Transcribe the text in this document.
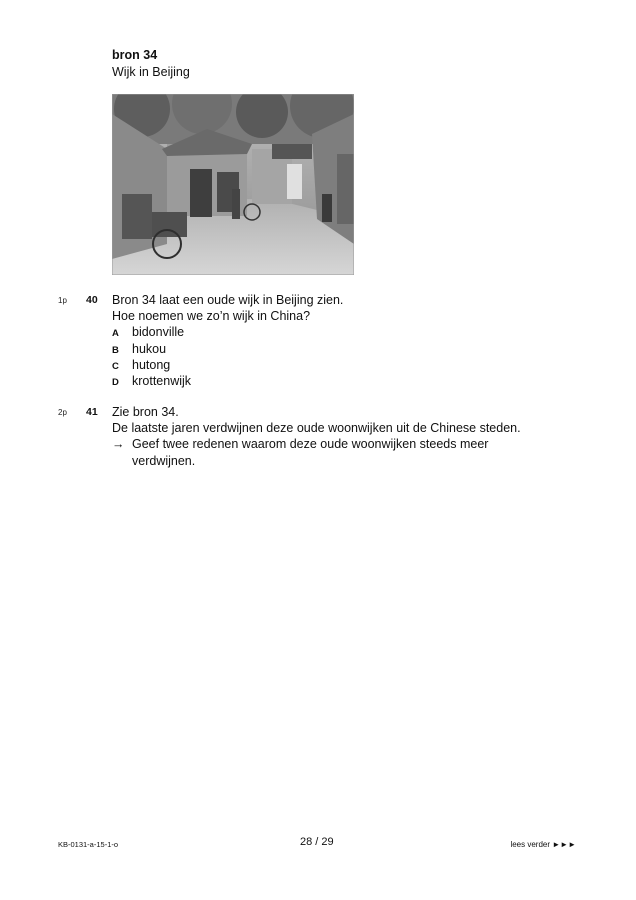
bron 34
Wijk in Beijing
1p 40 Bron 34 laat een oude wijk in Beijing zien.
Hoe noemen we zo’n wijk in China?
A bidonville
B hukou
C hutong
D krottenwijk
2p 41 Zie bron 34.
De laatste jaren verdwijnen deze oude woonwijken uit de Chinese steden.
→ Geef twee redenen waarom deze oude woonwijken steeds meer
verdwijnen.
KB-0131-a-15-1-o	28 / 29	lees verder ►►►
